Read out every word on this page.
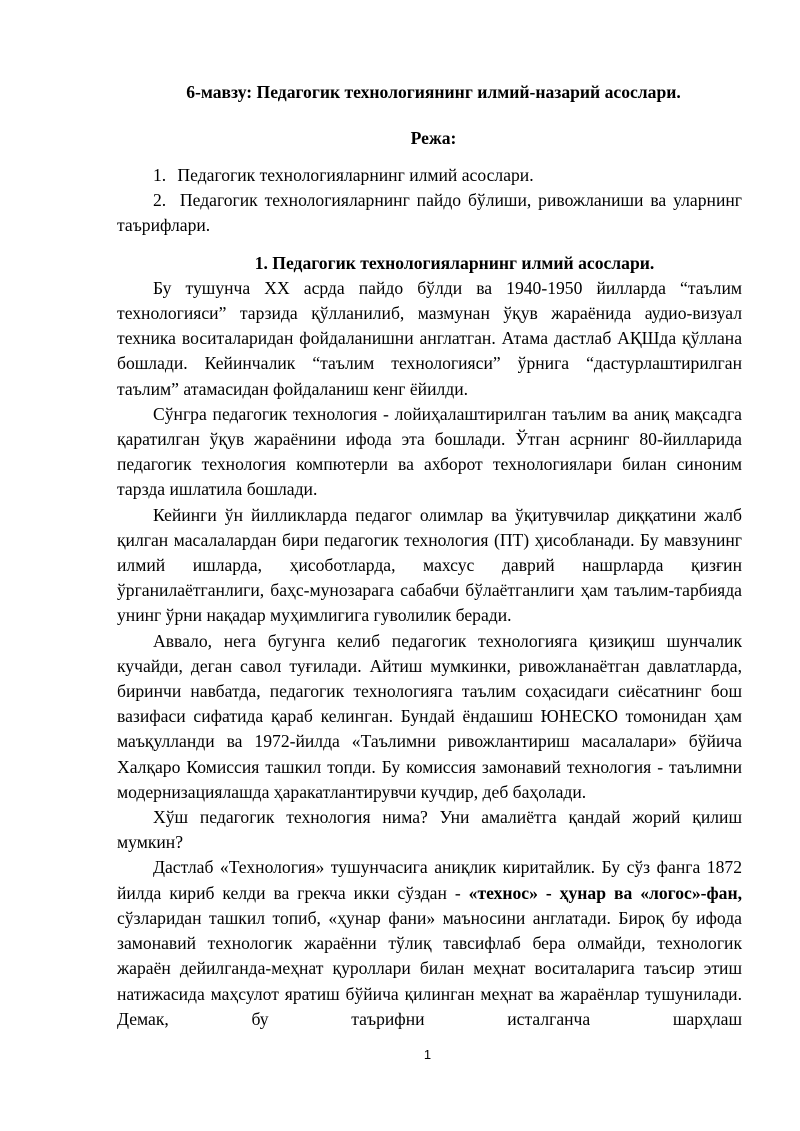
6-мавзу: Педагогик технологиянинг илмий-назарий асослари.

Режа:

1. Педагогик технологияларнинг илмий асослари.
2. Педагогик технологияларнинг пайдо бўлиши, ривожланиши ва уларнинг таърифлари.

1. Педагогик технологияларнинг илмий асослари.

Бу тушунча XX асрда пайдо бўлди ва 1940-1950 йилларда “таълим технологияси” тарзида қўлланилиб, мазмунан ўқув жараёнида аудио-визуал техника воситаларидан фойдаланишни англатган. Атама дастлаб АҚШда қўллана бошлади. Кейинчалик “таълим технологияси” ўрнига “дастурлаштирилган таълим” атамасидан фойдаланиш кенг ёйилди.

Сўнгра педагогик технология - лойиҳалаштирилган таълим ва аниқ мақсадга қаратилган ўқув жараёнини ифода эта бошлади. Ўтган асрнинг 80-йилларида педагогик технология компютерли ва ахборот технологиялари билан синоним тарзда ишлатила бошлади.

Кейинги ўн йилликларда педагог олимлар ва ўқитувчилар диққатини жалб қилган масалалардан бири педагогик технология (ПТ) ҳисобланади. Бу мавзунинг илмий ишларда, ҳисоботларда, махсус даврий нашрларда қизғин ўрганилаётганлиги, баҳс-мунозарага сабабчи бўлаётганлиги ҳам таълим-тарбияда унинг ўрни нақадар муҳимлигига гуволилик беради.

Аввало, нега бугунга келиб педагогик технологияга қизиқиш шунчалик кучайди, деган савол туғилади. Айтиш мумкинки, ривожланаётган давлатларда, биринчи навбатда, педагогик технологияга таълим соҳасидаги сиёсатнинг бош вазифаси сифатида қараб келинган. Бундай ёндашиш ЮНЕСКО томонидан ҳам маъқулланди ва 1972-йилда «Таълимни ривожлантириш масалалари» бўйича Халқаро Комиссия ташкил топди. Бу комиссия замонавий технология - таълимни модернизациялашда ҳаракатлантирувчи кучдир, деб баҳолади.

Хўш педагогик технология нима? Уни амалиётга қандай жорий қилиш мумкин?

Дастлаб «Технология» тушунчасига аниқлик киритайлик. Бу сўз фанга 1872 йилда кириб келди ва грекча икки сўздан - «технос» - ҳунар ва «логос»-фан, сўзларидан ташкил топиб, «ҳунар фани» маъносини англатади. Бироқ бу ифода замонавий технологик жараённи тўлиқ тавсифлаб бера олмайди, технологик жараён дейилганда-меҳнат қуроллари билан меҳнат воситаларига таъсир этиш натижасида маҳсулот яратиш бўйича қилинган меҳнат ва жараёнлар тушунилади. Демак, бу таърифни исталганча шарҳлаш

1
